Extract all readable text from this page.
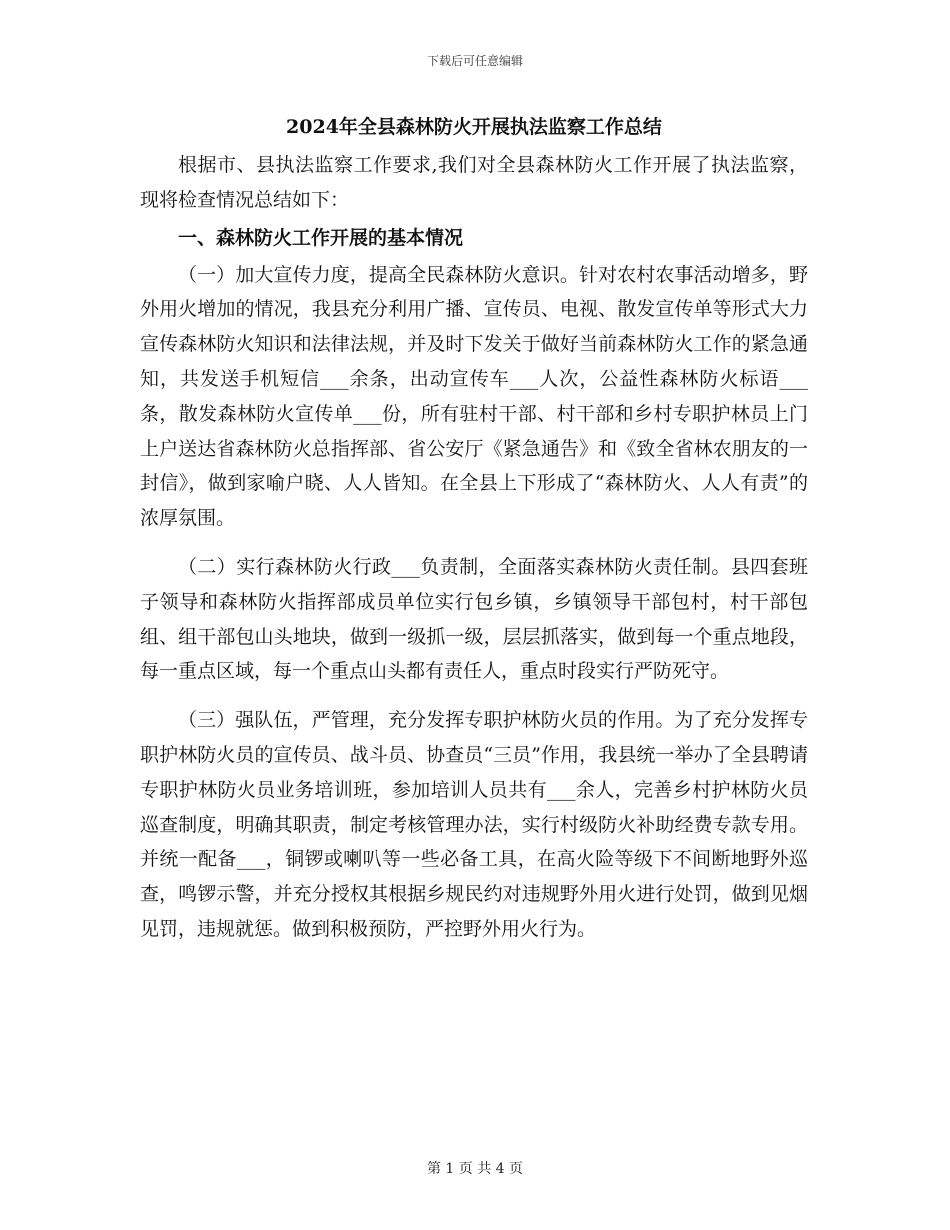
下载后可任意编辑
2024年全县森林防火开展执法监察工作总结

根据市、县执法监察工作要求,我们对全县森林防火工作开展了执法监察，现将检查情况总结如下：

一、森林防火工作开展的基本情况

（一）加大宣传力度，提高全民森林防火意识。针对农村农事活动增多，野外用火增加的情况，我县充分利用广播、宣传员、电视、散发宣传单等形式大力宣传森林防火知识和法律法规，并及时下发关于做好当前森林防火工作的紧急通知，共发送手机短信___余条，出动宣传车___人次，公益性森林防火标语___条，散发森林防火宣传单___份，所有驻村干部、村干部和乡村专职护林员上门上户送达省森林防火总指挥部、省公安厅《紧急通告》和《致全省林农朋友的一封信》，做到家喻户晓、人人皆知。在全县上下形成了“森林防火、人人有责”的浓厚氛围。

（二）实行森林防火行政___负责制，全面落实森林防火责任制。县四套班子领导和森林防火指挥部成员单位实行包乡镇，乡镇领导干部包村，村干部包组、组干部包山头地块，做到一级抓一级，层层抓落实，做到每一个重点地段，每一重点区域，每一个重点山头都有责任人，重点时段实行严防死守。

（三）强队伍，严管理，充分发挥专职护林防火员的作用。为了充分发挥专职护林防火员的宣传员、战斗员、协查员“三员”作用，我县统一举办了全县聘请专职护林防火员业务培训班，参加培训人员共有___余人，完善乡村护林防火员巡查制度，明确其职责，制定考核管理办法，实行村级防火补助经费专款专用。并统一配备___，铜锣或喇叭等一些必备工具，在高火险等级下不间断地野外巡查，鸣锣示警，并充分授权其根据乡规民约对违规野外用火进行处罚，做到见烟见罚，违规就惩。做到积极预防，严控野外用火行为。

第 1 页 共 4 页
